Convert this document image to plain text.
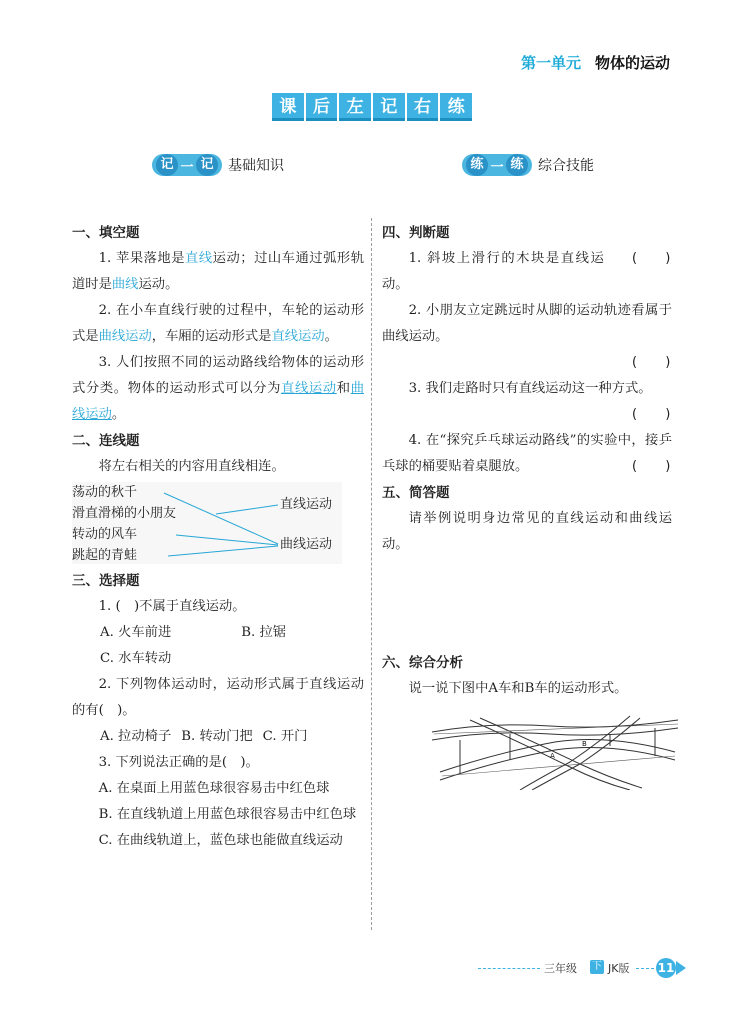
第一单元 物体的运动
课 后 左 记 右 练
记 一 记	基础知识	练 一 练	综合技能
一、填空题
1. 苹果落地是直线运动；过山车通过弧形轨道时是曲线运动。
2. 在小车直线行驶的过程中，车轮的运动形式是曲线运动，车厢的运动形式是直线运动。
3. 人们按照不同的运动路线给物体的运动形式分类。物体的运动形式可以分为直线运动和曲线运动。
二、连线题
将左右相关的内容用直线相连。
荡动的秋千
滑直滑梯的小朋友
转动的风车
跳起的青蛙
直线运动
曲线运动
三、选择题
1. (　)不属于直线运动。
A. 火车前进	B. 拉锯
C. 水车转动
2. 下列物体运动时，运动形式属于直线运动的有(　)。
A. 拉动椅子 B. 转动门把 C. 开门
3. 下列说法正确的是(　)。
A. 在桌面上用蓝色球很容易击中红色球
B. 在直线轨道上用蓝色球很容易击中红色球
C. 在曲线轨道上，蓝色球也能做直线运动
四、判断题
1. 斜坡上滑行的木块是直线运动。
(　　)
2. 小朋友立定跳远时从脚的运动轨迹看属于曲线运动。
(　　)
3. 我们走路时只有直线运动这一种方式。
(　　)
4. 在“探究乒乓球运动路线”的实验中，接乒乓球的桶要贴着桌腿放。	(　　)
五、简答题
请举例说明身边常见的直线运动和曲线运动。
六、综合分析
说一说下图中A车和B车的运动形式。
A
B
三年级 下 JK版 11
